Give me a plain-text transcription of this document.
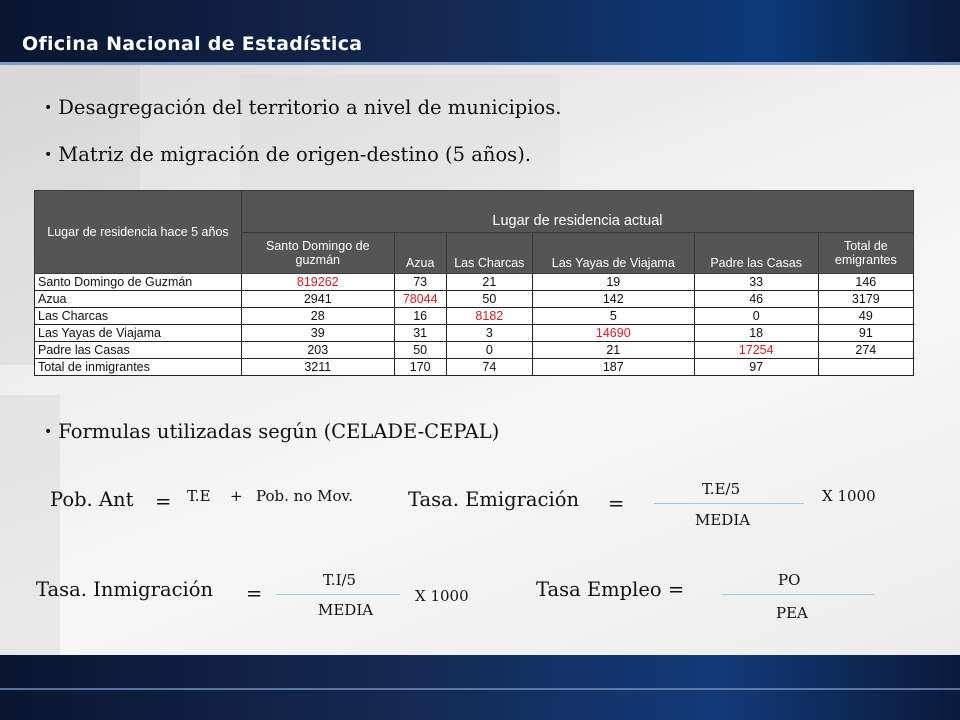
Oficina Nacional de Estadística
• Desagregación del territorio a nivel de municipios.
• Matriz de migración de origen-destino (5 años).
Lugar de residencia hace 5 años	Lugar de residencia actual					
	Santo Domingo de guzmán	Azua	Las Charcas	Las Yayas de Viajama	Padre las Casas	Total de emigrantes
Santo Domingo de Guzmán	819262	73	21	19	33	146
Azua	2941	78044	50	142	46	3179
Las Charcas	28	16	8182	5	0	49
Las Yayas de Viajama	39	31	3	14690	18	91
Padre las Casas	203	50	0	21	17254	274
Total de inmigrantes	3211	170	74	187	97	
• Formulas utilizadas según (CELADE-CEPAL)
Pob. Ant = T.E + Pob. no Mov.	Tasa. Emigración =
T.E/5
MEDIA
X 1000
Tasa. Inmigración =
T.I/5
MEDIA
X 1000	Tasa Empleo =	PO
PEA
